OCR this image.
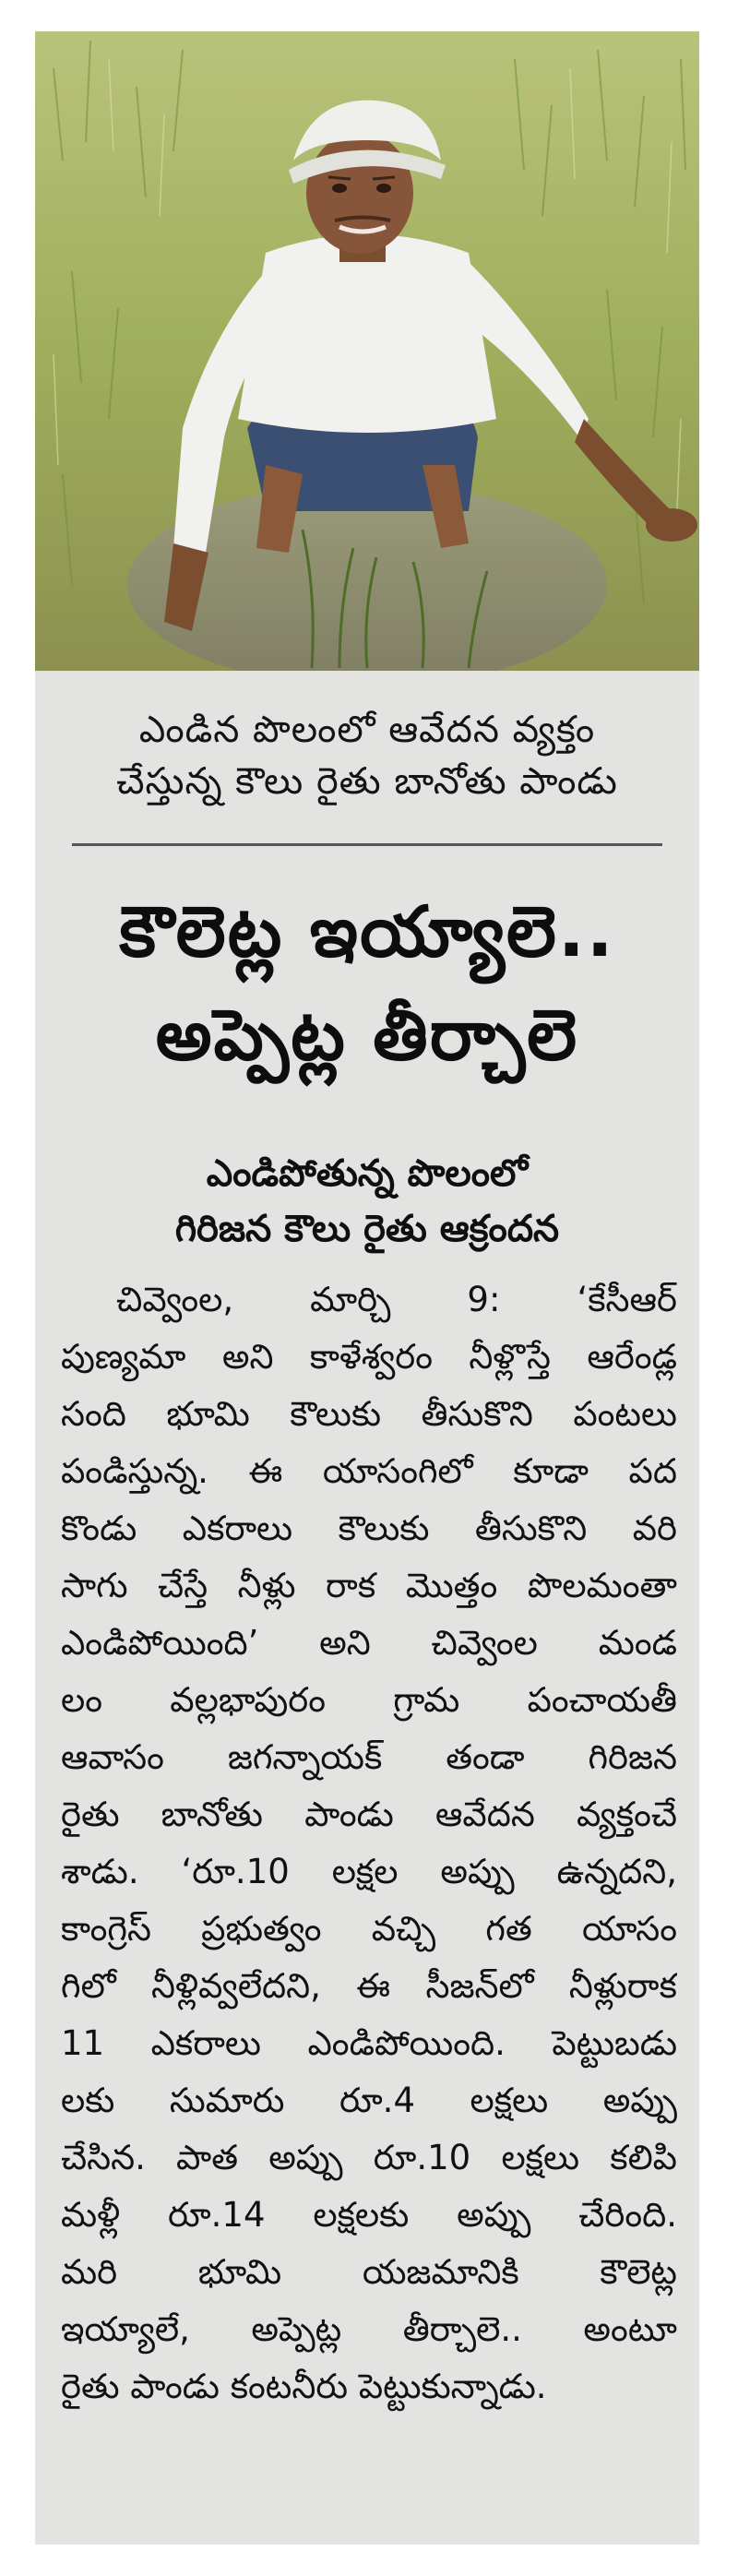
ఎండిన పొలంలో ఆవేదన వ్యక్తం
చేస్తున్న కౌలు రైతు బానోతు పాండు
కౌలెట్ల ఇయ్యాలె..
అప్పెట్ల తీర్చాలె
ఎండిపోతున్న పొలంలో
గిరిజన కౌలు రైతు ఆక్రందన
చివ్వెంల, మార్చి 9: ‘కేసీఆర్
పుణ్యమా అని కాళేశ్వరం నీళ్లొస్తే ఆరేండ్ల
సంది భూమి కౌలుకు తీసుకొని పంటలు
పండిస్తున్న. ఈ యాసంగిలో కూడా పద
కొండు ఎకరాలు కౌలుకు తీసుకొని వరి
సాగు చేస్తే నీళ్లు రాక మొత్తం పొలమంతా
ఎండిపోయింది’ అని చివ్వెంల మండ
లం వల్లభాపురం గ్రామ పంచాయతీ
ఆవాసం జగన్నాయక్ తండా గిరిజన
రైతు బానోతు పాండు ఆవేదన వ్యక్తంచే
శాడు. ‘రూ.10 లక్షల అప్పు ఉన్నదని,
కాంగ్రెస్ ప్రభుత్వం వచ్చి గత యాసం
గిలో నీళ్లివ్వలేదని, ఈ సీజన్‌లో నీళ్లురాక
11 ఎకరాలు ఎండిపోయింది. పెట్టుబడు
లకు సుమారు రూ.4 లక్షలు అప్పు
చేసిన. పాత అప్పు రూ.10 లక్షలు కలిపి
మళ్లీ రూ.14 లక్షలకు అప్పు చేరింది.
మరి భూమి యజమానికి కౌలెట్ల
ఇయ్యాలే, అప్పెట్ల తీర్చాలె.. అంటూ
రైతు పాండు కంటనీరు పెట్టుకున్నాడు.
